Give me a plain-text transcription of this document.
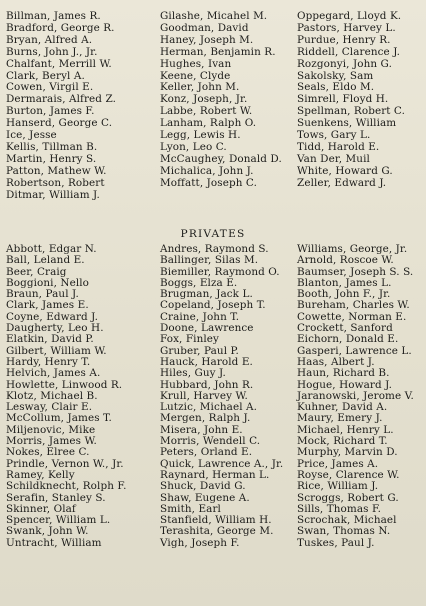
Billman, James R.
Bradford, George R.
Bryan, Alfred A.
Burns, John J., Jr.
Chalfant, Merrill W.
Clark, Beryl A.
Cowen, Virgil E.
Dermarais, Alfred Z.
Burton, James F.
Hanserd, George C.
Ice, Jesse
Kellis, Tillman B.
Martin, Henry S.
Patton, Mathew W.
Robertson, Robert
Ditmar, William J.
Gilashe, Micahel M.
Goodman, David
Haney, Joseph M.
Herman, Benjamin R.
Hughes, Ivan
Keene, Clyde
Keller, John M.
Konz, Joseph, Jr.
Labbe, Robert W.
Lanham, Ralph O.
Legg, Lewis H.
Lyon, Leo C.
McCaughey, Donald D.
Michalica, John J.
Moffatt, Joseph C.
Oppegard, Lloyd K.
Pastors, Harvey L.
Purdue, Henry R.
Riddell, Clarence J.
Rozgonyi, John G.
Sakolsky, Sam
Seals, Eldo M.
Simrell, Floyd H.
Spellman, Robert C.
Suenkens, William
Tows, Gary L.
Tidd, Harold E.
Van Der, Muil
White, Howard G.
Zeller, Edward J.
PRIVATES
Abbott, Edgar N.
Ball, Leland E.
Beer, Craig
Boggioni, Nello
Braun, Paul J.
Clark, James E.
Coyne, Edward J.
Daugherty, Leo H.
Elatkin, David P.
Gilbert, William W.
Hardy, Henry T.
Helvich, James A.
Howlette, Linwood R.
Klotz, Michael B.
Lesway, Clair E.
McCollum, James T.
Miljenovic, Mike
Morris, James W.
Nokes, Elree C.
Prindle, Vernon W., Jr.
Ramey, Kelly
Schildknecht, Rolph F.
Serafin, Stanley S.
Skinner, Olaf
Spencer, William L.
Swank, John W.
Untracht, William
Andres, Raymond S.
Ballinger, Silas M.
Biemiller, Raymond O.
Boggs, Elza E.
Brugman, Jack L.
Copeland, Joseph T.
Craine, John T.
Doone, Lawrence
Fox, Finley
Gruber, Paul P.
Hauck, Harold E.
Hiles, Guy J.
Hubbard, John R.
Krull, Harvey W.
Lutzic, Michael A.
Mergen, Ralph J.
Misera, John E.
Morris, Wendell C.
Peters, Orland E.
Quick, Lawrence A., Jr.
Raynard, Herman L.
Shuck, David G.
Shaw, Eugene A.
Smith, Earl
Stanfield, William H.
Terashita, George M.
Vigh, Joseph F.
Williams, George, Jr.
Arnold, Roscoe W.
Baumser, Joseph S. S.
Blanton, James L.
Booth, John F., Jr.
Bureham, Charles W.
Cowette, Norman E.
Crockett, Sanford
Eichorn, Donald E.
Gasperi, Lawrence L.
Haas, Albert J.
Haun, Richard B.
Hogue, Howard J.
Jaranowski, Jerome V.
Kuhner, David A.
Maury, Emery J.
Michael, Henry L.
Mock, Richard T.
Murphy, Marvin D.
Price, James A.
Royse, Clarence W.
Rice, William J.
Scroggs, Robert G.
Sills, Thomas F.
Scrochak, Michael
Swan, Thomas N.
Tuskes, Paul J.
